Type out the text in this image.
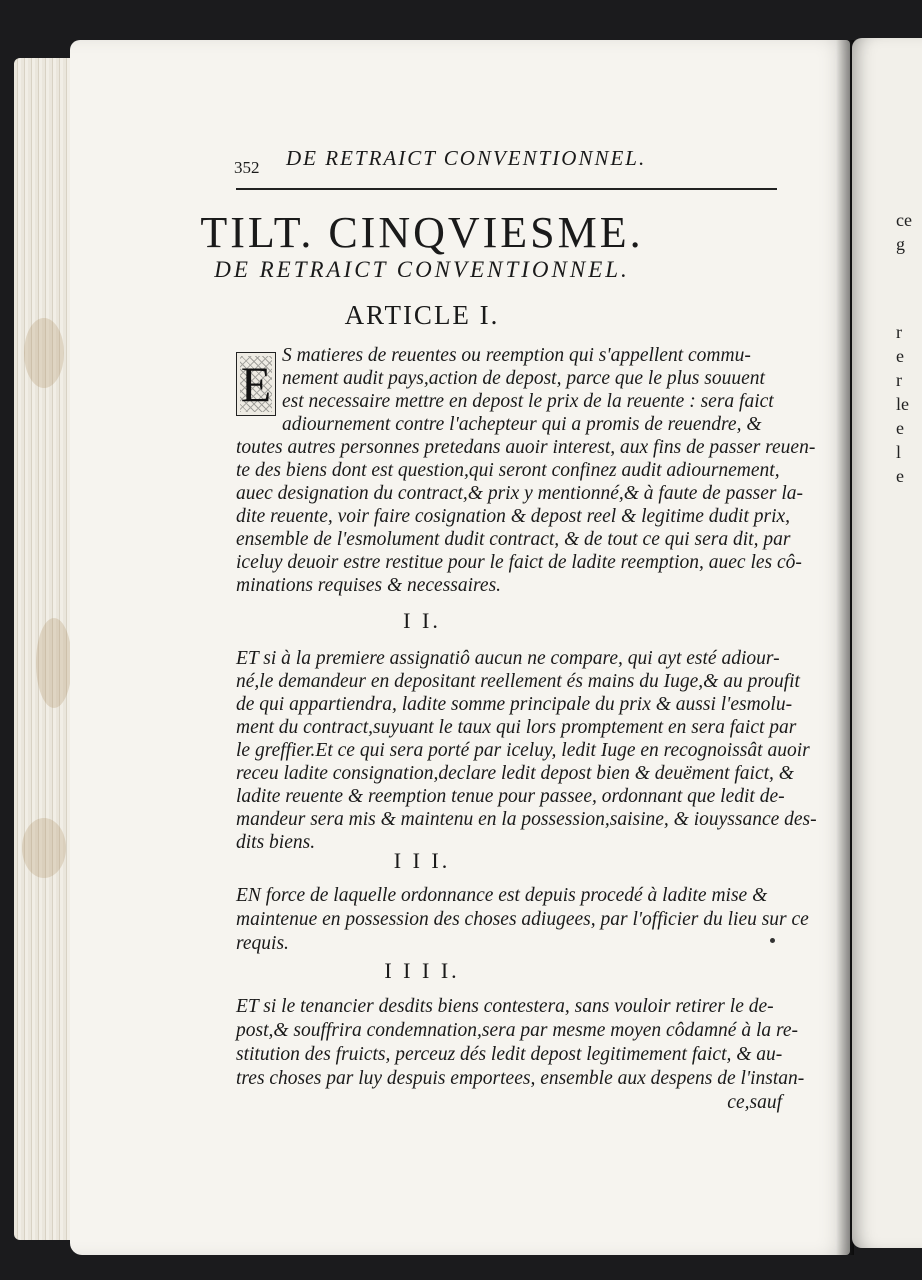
ce
g
r
e
r
le
e
l
e
352 DE RETRAICT CONVENTIONNEL.
TILT. CINQVIESME.
DE RETRAICT CONVENTIONNEL.
ARTICLE I.
E
S matieres de reuentes ou reemption qui s'appellent commu-
nement audit pays,action de depost, parce que le plus souuent
est necessaire mettre en depost le prix de la reuente : sera faict
adiournement contre l'achepteur qui a promis de reuendre, &
toutes autres personnes pretedans auoir interest, aux fins de passer reuen-
te des biens dont est question,qui seront confinez audit adiournement,
auec designation du contract,& prix y mentionné,& à faute de passer la-
dite reuente, voir faire cosignation & depost reel & legitime dudit prix,
ensemble de l'esmolument dudit contract, & de tout ce qui sera dit, par
iceluy deuoir estre restitue pour le faict de ladite reemption, auec les cô-
minations requises & necessaires.
I I.
ET si à la premiere assignatiô aucun ne compare, qui ayt esté adiour-
né,le demandeur en depositant reellement és mains du Iuge,& au proufit
de qui appartiendra, ladite somme principale du prix & aussi l'esmolu-
ment du contract,suyuant le taux qui lors promptement en sera faict par
le greffier.Et ce qui sera porté par iceluy, ledit Iuge en recognoissât auoir
receu ladite consignation,declare ledit depost bien & deuëment faict, &
ladite reuente & reemption tenue pour passee, ordonnant que ledit de-
mandeur sera mis & maintenu en la possession,saisine, & iouyssance des-
dits biens.
I I I.
EN force de laquelle ordonnance est depuis procedé à ladite mise &
maintenue en possession des choses adiugees, par l'officier du lieu sur ce
requis.
I I I I.
ET si le tenancier desdits biens contestera, sans vouloir retirer le de-
post,& souffrira condemnation,sera par mesme moyen côdamné à la re-
stitution des fruicts, perceuz dés ledit depost legitimement faict, & au-
tres choses par luy despuis emportees, ensemble aux despens de l'instan-
ce,sauf
